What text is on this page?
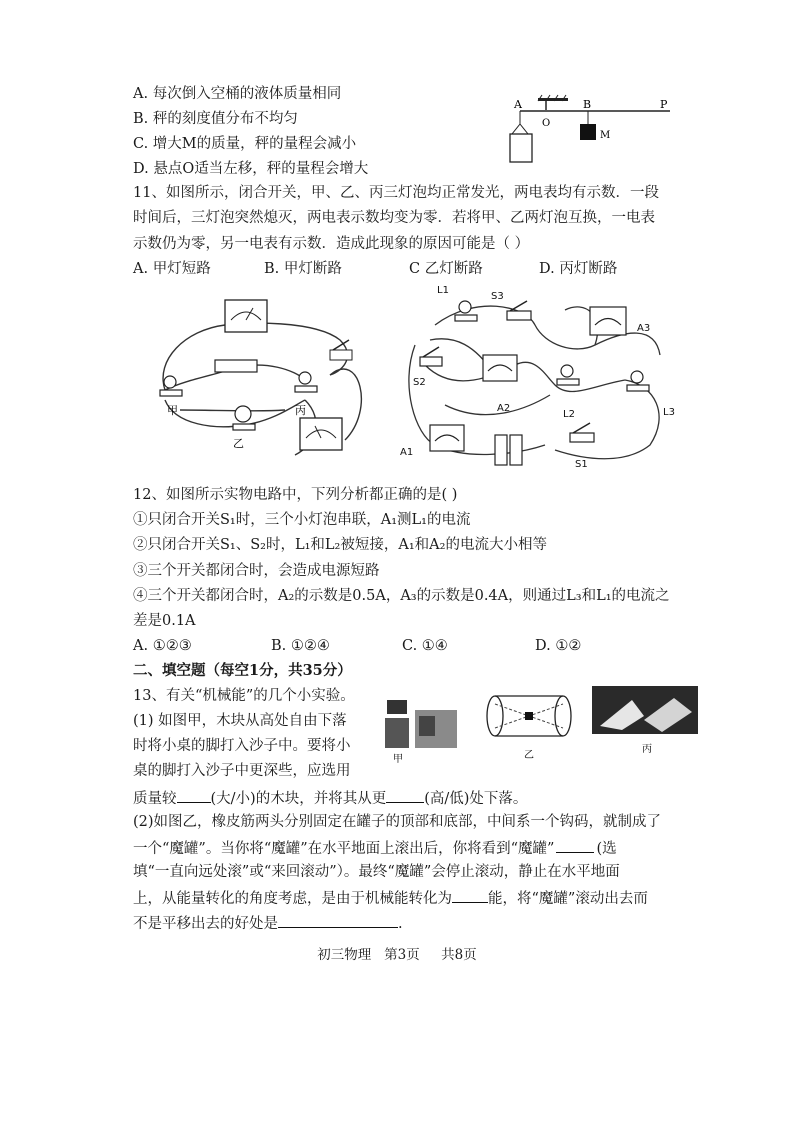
A. 每次倒入空桶的液体质量相同
B. 秤的刻度值分布不均匀
C. 增大M的质量，秤的量程会减小
D. 悬点O适当左移，秤的量程会增大
A
O
B	P
M
11、如图所示，闭合开关，甲、乙、丙三灯泡均正常发光，两电表均有示数．一段
时间后，三灯泡突然熄灭，两电表示数均变为零．若将甲、乙两灯泡互换，一电表
示数仍为零，另一电表有示数．造成此现象的原因可能是（ ）
A. 甲灯短路	B. 甲灯断路	C 乙灯断路	D. 丙灯断路
甲
乙
丙
L1
S3
A3
S2
A2
L2	L3
A1
S1
12、如图所示实物电路中，下列分析都正确的是( )
①只闭合开关S₁时，三个小灯泡串联，A₁测L₁的电流
②只闭合开关S₁、S₂时，L₁和L₂被短接，A₁和A₂的电流大小相等
③三个开关都闭合时，会造成电源短路
④三个开关都闭合时，A₂的示数是0.5A，A₃的示数是0.4A，则通过L₃和L₁的电流之
差是0.1A
A. ①②③	B. ①②④	C. ①④	D. ①②
二、填空题（每空1分，共35分）
13、有关“机械能”的几个小实验。
(1) 如图甲，木块从高处自由下落
时将小桌的脚打入沙子中。要将小
桌的脚打入沙子中更深些，应选用
质量较 (大/小)的木块，并将其从更	(高/低)处下落。
(2)如图乙，橡皮筋两头分别固定在罐子的顶部和底部，中间系一个钩码，就制成了
一个“魔罐”。当你将“魔罐”在水平地面上滚出后，你将看到“魔罐”	(选
填“一直向远处滚”或“来回滚动”）。最终“魔罐”会停止滚动，静止在水平地面
上，从能量转化的角度考虑，是由于机械能转化为 能，将“魔罐”滚动出去而
不是平移出去的好处是	.
甲	乙
丙
初三物理 第3页 共8页
